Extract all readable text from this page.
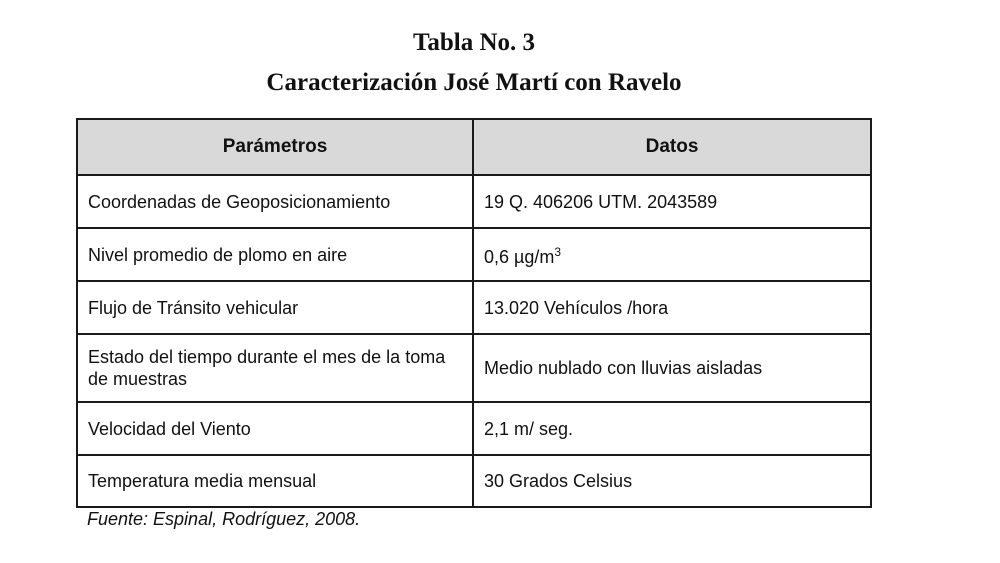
Tabla No. 3
Caracterización José Martí con Ravelo
Parámetros	Datos
Coordenadas de Geoposicionamiento	19 Q. 406206 UTM. 2043589
Nivel promedio de plomo en aire	0,6 $\mu g/m^3$
Flujo de Tránsito vehicular	13.020 Vehículos /hora
Estado del tiempo durante el mes de la toma de muestras	Medio nublado con lluvias aisladas
Velocidad del Viento	2,1 m/ seg.
Temperatura media mensual	30 Grados Celsius
Fuente: Espinal, Rodríguez, 2008.
